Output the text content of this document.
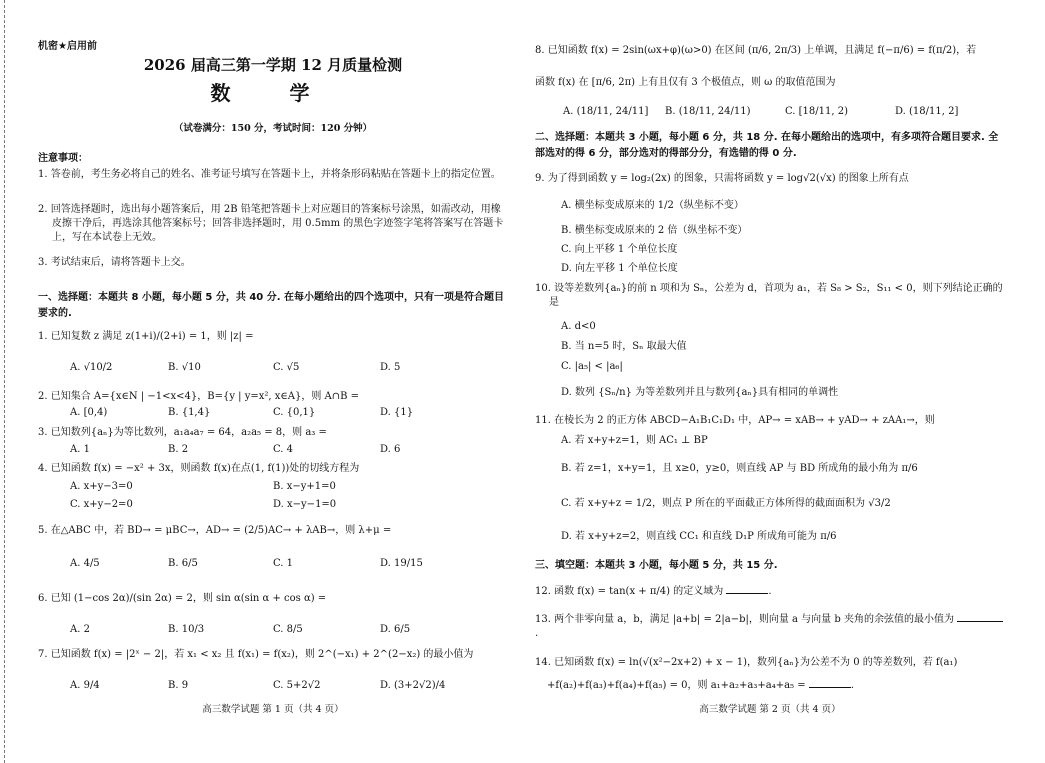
机密★启用前
2026 届高三第一学期 12 月质量检测
数 学
（试卷满分：150 分，考试时间：120 分钟）
注意事项：
1. 答卷前，考生务必将自己的姓名、准考证号填写在答题卡上，并将条形码粘贴在答题卡上的指定位置。
2. 回答选择题时，选出每小题答案后，用 2B 铅笔把答题卡上对应题目的答案标号涂黑，如需改动，用橡皮擦干净后，再选涂其他答案标号；回答非选择题时，用 0.5mm 的黑色字迹签字笔将答案写在答题卡上，写在本试卷上无效。
3. 考试结束后，请将答题卡上交。
一、选择题：本题共 8 小题，每小题 5 分，共 40 分. 在每小题给出的四个选项中，只有一项是符合题目要求的.
1. 已知复数 z 满足 z(1+i)/(2+i) = 1，则 |z| =
A. √10/2	B. √10	C. √5	D. 5
2. 已知集合 A={x∈N | −1<x<4}，B={y | y=x², x∈A}，则 A∩B =
A. [0,4)	B. {1,4}	C. {0,1}	D. {1}
3. 已知数列{aₙ}为等比数列，a₁a₄a₇ = 64，a₂a₅ = 8，则 a₃ =
A. 1	B. 2	C. 4	D. 6
4. 已知函数 f(x) = −x² + 3x，则函数 f(x)在点(1, f(1))处的切线方程为
A. x+y−3=0	B. x−y+1=0
C. x+y−2=0	D. x−y−1=0
5. 在△ABC 中，若 BD→ = μBC→，AD→ = (2/5)AC→ + λAB→，则 λ+μ =
A. 4/5	B. 6/5	C. 1	D. 19/15
6. 已知 (1−cos 2α)/(sin 2α) = 2，则 sin α(sin α + cos α) =
A. 2	B. 10/3	C. 8/5	D. 6/5
7. 已知函数 f(x) = |2ˣ − 2|，若 x₁ < x₂ 且 f(x₁) = f(x₂)，则 2^(−x₁) + 2^(2−x₂) 的最小值为
A. 9/4	B. 9	C. 5+2√2	D. (3+2√2)/4
高三数学试题 第 1 页（共 4 页）
8. 已知函数 f(x) = 2sin(ωx+φ)(ω>0) 在区间 (π/6, 2π/3) 上单调，且满足 f(−π/6) = f(π/2)，若
函数 f(x) 在 [π/6, 2π) 上有且仅有 3 个极值点，则 ω 的取值范围为
A. (18/11, 24/11] B. (18/11, 24/11)	C. [18/11, 2)	D. (18/11, 2]
二、选择题：本题共 3 小题，每小题 6 分，共 18 分. 在每小题给出的选项中，有多项符合题目要求. 全部选对的得 6 分，部分选对的得部分分，有选错的得 0 分.
9. 为了得到函数 y = log₂(2x) 的图象，只需将函数 y = log√2(√x) 的图象上所有点
A. 横坐标变成原来的 1/2（纵坐标不变）
B. 横坐标变成原来的 2 倍（纵坐标不变）
C. 向上平移 1 个单位长度
D. 向左平移 1 个单位长度
10. 设等差数列{aₙ}的前 n 项和为 Sₙ，公差为 d，首项为 a₁，若 S₈ > S₂，S₁₁ < 0，则下列结论正确的是
A. d<0
B. 当 n=5 时，Sₙ 取最大值
C. |a₅| < |a₆|
D. 数列 {Sₙ/n} 为等差数列并且与数列{aₙ}具有相同的单调性
11. 在棱长为 2 的正方体 ABCD−A₁B₁C₁D₁ 中，AP→ = xAB→ + yAD→ + zAA₁→，则
A. 若 x+y+z=1，则 AC₁ ⊥ BP
B. 若 z=1，x+y=1，且 x≥0，y≥0，则直线 AP 与 BD 所成角的最小角为 π/6
C. 若 x+y+z = 1/2，则点 P 所在的平面截正方体所得的截面面积为 √3/2
D. 若 x+y+z=2，则直线 CC₁ 和直线 D₁P 所成角可能为 π/6
三、填空题：本题共 3 小题，每小题 5 分，共 15 分.
12. 函数 f(x) = tan(x + π/4) 的定义域为	.
13. 两个非零向量 a，b，满足 |a+b| = 2|a−b|，则向量 a 与向量 b 夹角的余弦值的最小值为 .
14. 已知函数 f(x) = ln(√(x²−2x+2) + x − 1)，数列{aₙ}为公差不为 0 的等差数列，若 f(a₁)
+f(a₂)+f(a₃)+f(a₄)+f(a₅) = 0，则 a₁+a₂+a₃+a₄+a₅ =	.
高三数学试题 第 2 页（共 4 页）
